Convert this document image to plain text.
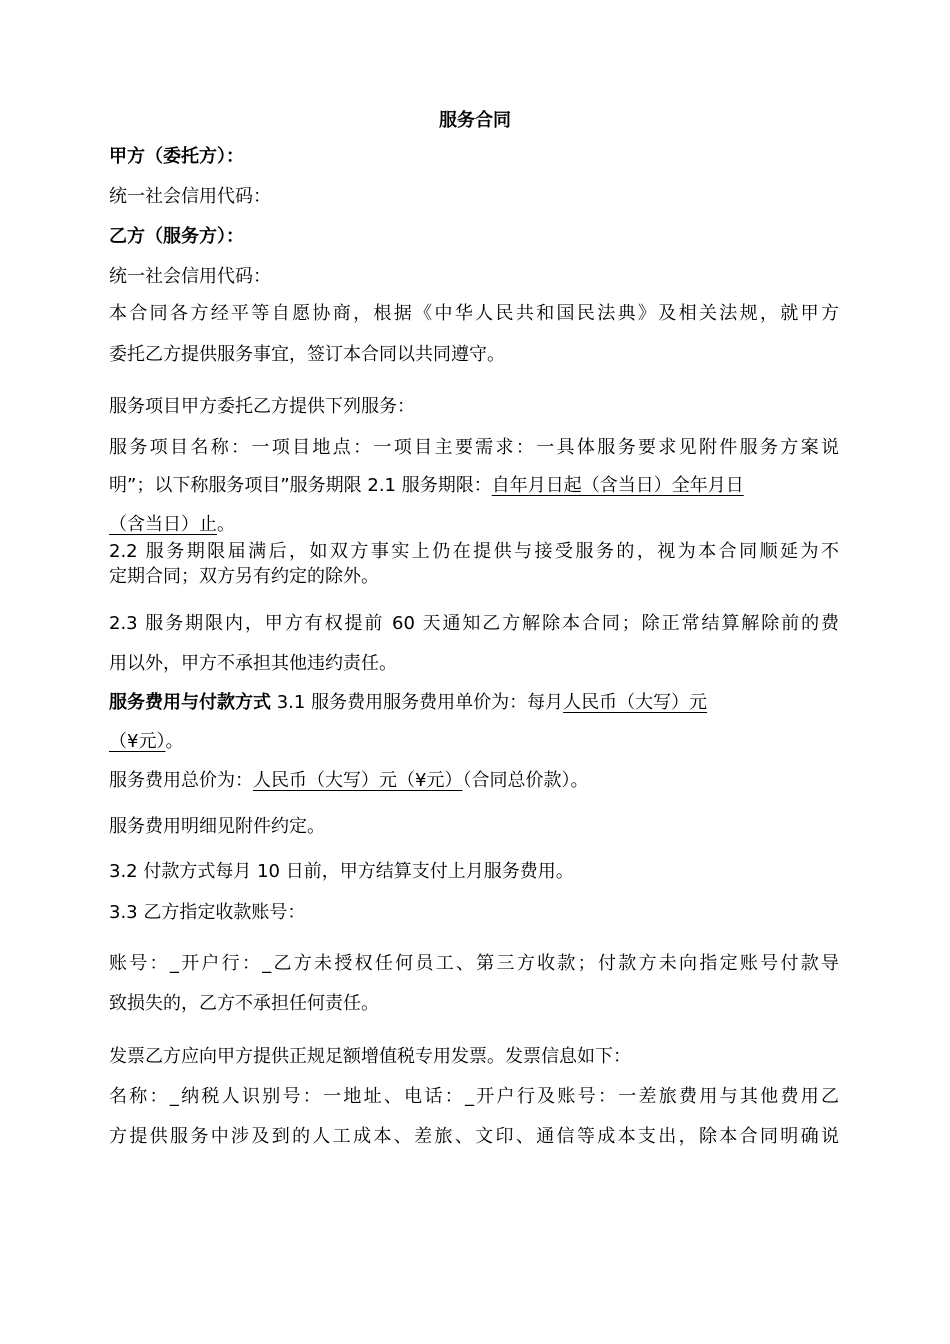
服务合同
甲方（委托方）：
统一社会信用代码：
乙方（服务方）：
统一社会信用代码：
本合同各方经平等自愿协商，根据《中华人民共和国民法典》及相关法规，就甲方
委托乙方提供服务事宜，签订本合同以共同遵守。
服务项目甲方委托乙方提供下列服务：
服务项目名称：一项目地点：一项目主要需求：一具体服务要求见附件服务方案说
明”；以下称服务项目”服务期限 2.1 服务期限：自年月日起（含当日）全年月日
（含当日）止。
2.2 服务期限届满后，如双方事实上仍在提供与接受服务的，视为本合同顺延为不
定期合同；双方另有约定的除外。
2.3 服务期限内，甲方有权提前 60 天通知乙方解除本合同；除正常结算解除前的费
用以外，甲方不承担其他违约责任。
服务费用与付款方式 3.1 服务费用服务费用单价为：每月人民币（大写）元
（¥元）。
服务费用总价为：人民币（大写）元（¥元）（合同总价款）。
服务费用明细见附件约定。
3.2 付款方式每月 10 日前，甲方结算支付上月服务费用。
3.3 乙方指定收款账号：
账号：_开户行：_乙方未授权任何员工、第三方收款；付款方未向指定账号付款导
致损失的，乙方不承担任何责任。
发票乙方应向甲方提供正规足额增值税专用发票。发票信息如下：
名称：_纳税人识别号：一地址、电话：_开户行及账号：一差旅费用与其他费用乙
方提供服务中涉及到的人工成本、差旅、文印、通信等成本支出，除本合同明确说
